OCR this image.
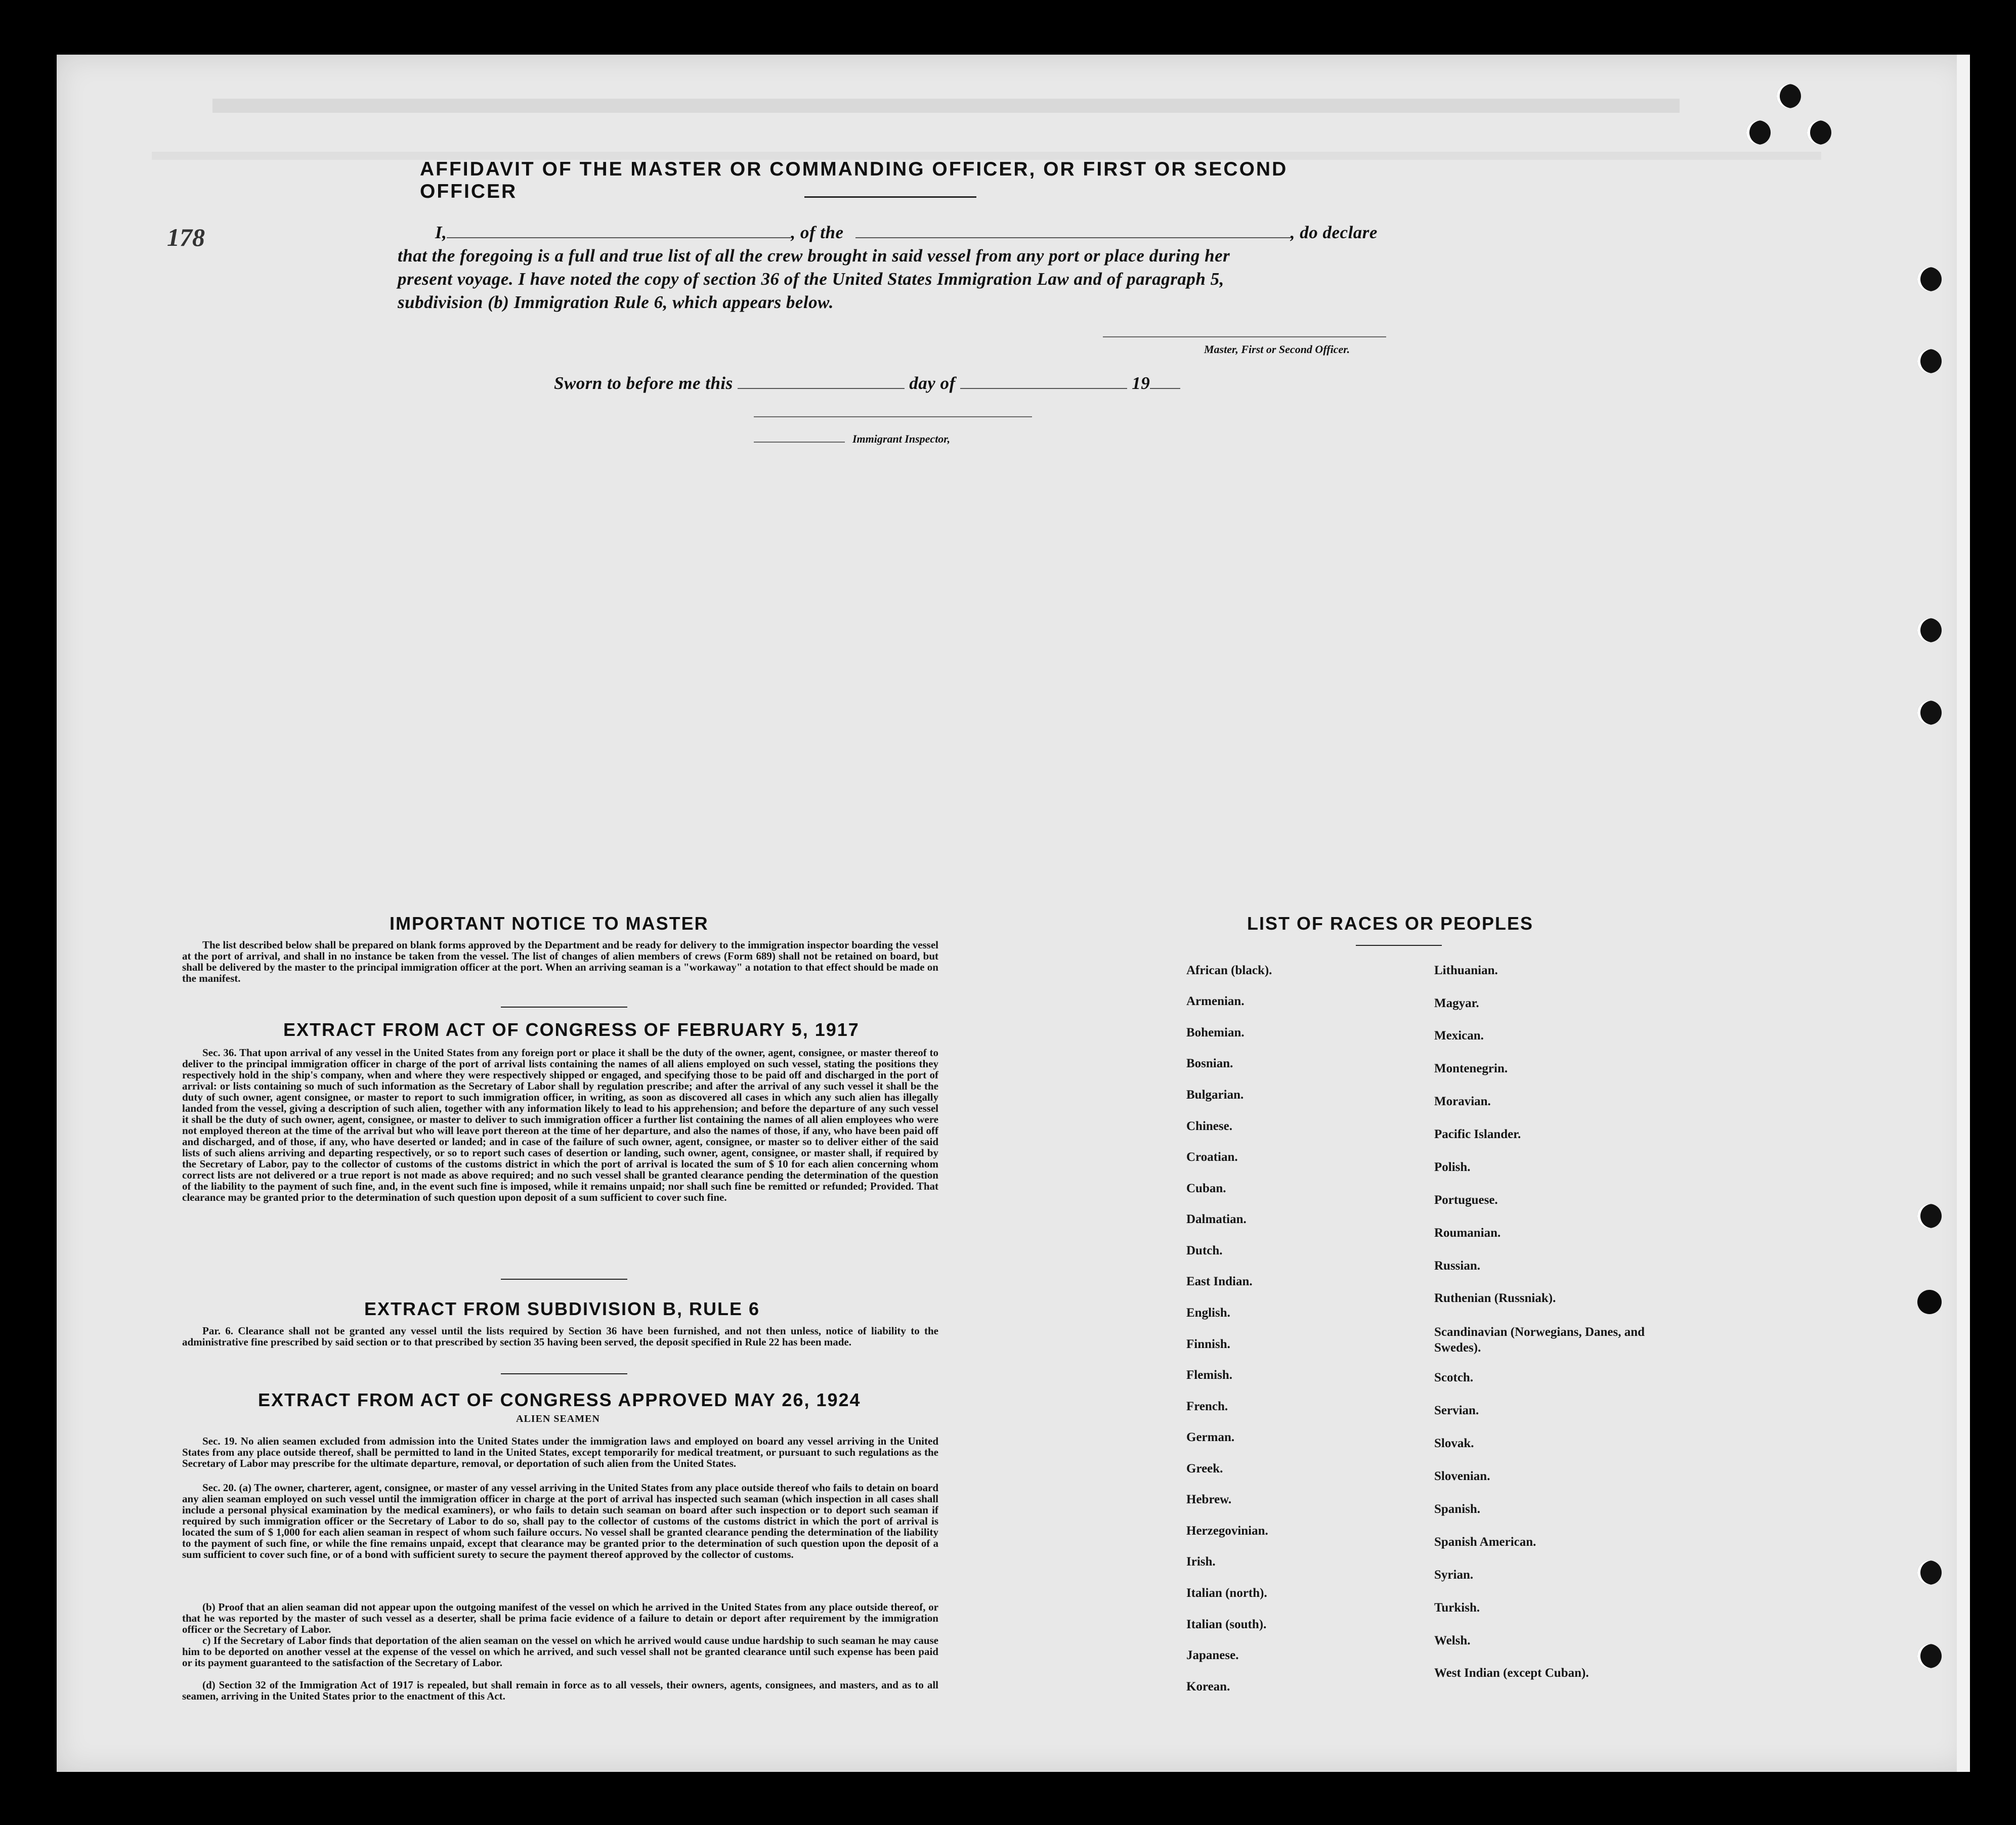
178
AFFIDAVIT OF THE MASTER OR COMMANDING OFFICER, OR FIRST OR SECOND OFFICER
I,	, of the	, do declare
that the foregoing is a full and true list of all the crew brought in said vessel from any port or place during her
present voyage. I have noted the copy of section 36 of the United States Immigration Law and of paragraph 5,
subdivision (b) Immigration Rule 6, which appears below.
Master, First or Second Officer.
Sworn to before me this	day of	19
Immigrant Inspector,
IMPORTANT NOTICE TO MASTER
The list described below shall be prepared on blank forms approved by the Department and be ready for delivery to the immigration inspector boarding the vessel at the port of arrival, and shall in no instance be taken from the vessel. The list of changes of alien members of crews (Form 689) shall not be retained on board, but shall be delivered by the master to the principal immigration officer at the port. When an arriving seaman is a "workaway" a notation to that effect should be made on the manifest.
EXTRACT FROM ACT OF CONGRESS OF FEBRUARY 5, 1917
Sec. 36. That upon arrival of any vessel in the United States from any foreign port or place it shall be the duty of the owner, agent, consignee, or master thereof to deliver to the principal immigration officer in charge of the port of arrival lists containing the names of all aliens employed on such vessel, stating the positions they respectively hold in the ship's company, when and where they were respectively shipped or engaged, and specifying those to be paid off and discharged in the port of arrival: or lists containing so much of such information as the Secretary of Labor shall by regulation prescribe; and after the arrival of any such vessel it shall be the duty of such owner, agent consignee, or master to report to such immigration officer, in writing, as soon as discovered all cases in which any such alien has illegally landed from the vessel, giving a description of such alien, together with any information likely to lead to his apprehension; and before the departure of any such vessel it shall be the duty of such owner, agent, consignee, or master to deliver to such immigration officer a further list containing the names of all alien employees who were not employed thereon at the time of the arrival but who will leave port thereon at the time of her departure, and also the names of those, if any, who have been paid off and discharged, and of those, if any, who have deserted or landed; and in case of the failure of such owner, agent, consignee, or master so to deliver either of the said lists of such aliens arriving and departing respectively, or so to report such cases of desertion or landing, such owner, agent, consignee, or master shall, if required by the Secretary of Labor, pay to the collector of customs of the customs district in which the port of arrival is located the sum of $ 10 for each alien concerning whom correct lists are not delivered or a true report is not made as above required; and no such vessel shall be granted clearance pending the determination of the question of the liability to the payment of such fine, and, in the event such fine is imposed, while it remains unpaid; nor shall such fine be remitted or refunded; Provided. That clearance may be granted prior to the determination of such question upon deposit of a sum sufficient to cover such fine.
EXTRACT FROM SUBDIVISION B, RULE 6
Par. 6. Clearance shall not be granted any vessel until the lists required by Section 36 have been furnished, and not then unless, notice of liability to the administrative fine prescribed by said section or to that prescribed by section 35 having been served, the deposit specified in Rule 22 has been made.
EXTRACT FROM ACT OF CONGRESS APPROVED MAY 26, 1924
ALIEN SEAMEN
Sec. 19. No alien seamen excluded from admission into the United States under the immigration laws and employed on board any vessel arriving in the United States from any place outside thereof, shall be permitted to land in the United States, except temporarily for medical treatment, or pursuant to such regulations as the Secretary of Labor may prescribe for the ultimate departure, removal, or deportation of such alien from the United States.
Sec. 20. (a) The owner, charterer, agent, consignee, or master of any vessel arriving in the United States from any place outside thereof who fails to detain on board any alien seaman employed on such vessel until the immigration officer in charge at the port of arrival has inspected such seaman (which inspection in all cases shall include a personal physical examination by the medical examiners), or who fails to detain such seaman on board after such inspection or to deport such seaman if required by such immigration officer or the Secretary of Labor to do so, shall pay to the collector of customs of the customs district in which the port of arrival is located the sum of $ 1,000 for each alien seaman in respect of whom such failure occurs. No vessel shall be granted clearance pending the determination of the liability to the payment of such fine, or while the fine remains unpaid, except that clearance may be granted prior to the determination of such question upon the deposit of a sum sufficient to cover such fine, or of a bond with sufficient surety to secure the payment thereof approved by the collector of customs.
(b) Proof that an alien seaman did not appear upon the outgoing manifest of the vessel on which he arrived in the United States from any place outside thereof, or that he was reported by the master of such vessel as a deserter, shall be prima facie evidence of a failure to detain or deport after requirement by the immigration officer or the Secretary of Labor.
c) If the Secretary of Labor finds that deportation of the alien seaman on the vessel on which he arrived would cause undue hardship to such seaman he may cause him to be deported on another vessel at the expense of the vessel on which he arrived, and such vessel shall not be granted clearance until such expense has been paid or its payment guaranteed to the satisfaction of the Secretary of Labor.
(d) Section 32 of the Immigration Act of 1917 is repealed, but shall remain in force as to all vessels, their owners, agents, consignees, and masters, and as to all seamen, arriving in the United States prior to the enactment of this Act.
LIST OF RACES OR PEOPLES
African (black).
Armenian.
Bohemian.
Bosnian.
Bulgarian.
Chinese.
Croatian.
Cuban.
Dalmatian.
Dutch.
East Indian.
English.
Finnish.
Flemish.
French.
German.
Greek.
Hebrew.
Herzegovinian.
Irish.
Italian (north).
Italian (south).
Japanese.
Korean.
Lithuanian.
Magyar.
Mexican.
Montenegrin.
Moravian.
Pacific Islander.
Polish.
Portuguese.
Roumanian.
Russian.
Ruthenian (Russniak).
Scandinavian (Norwegians, Danes, and Swedes).
Scotch.
Servian.
Slovak.
Slovenian.
Spanish.
Spanish American.
Syrian.
Turkish.
Welsh.
West Indian (except Cuban).
